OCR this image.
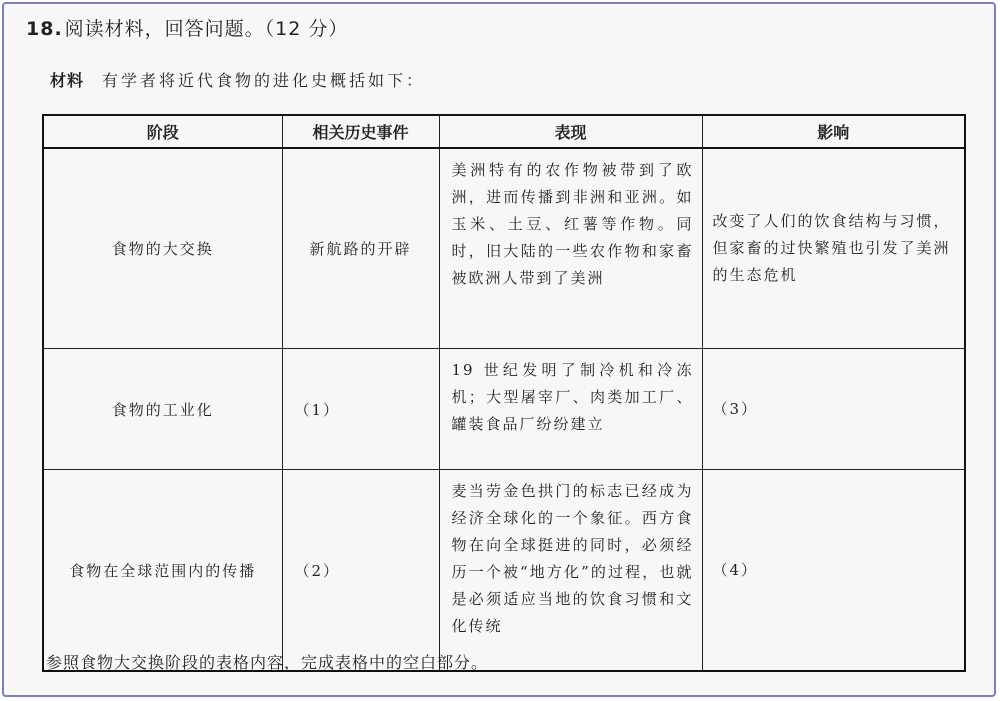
18. 阅读材料，回答问题。（12 分）
材料 有学者将近代食物的进化史概括如下：
阶段	相关历史事件	表现	影响
食物的大交换	新航路的开辟	美洲特有的农作物被带到了欧洲，进而传播到非洲和亚洲。如玉米、土豆、红薯等作物。同时，旧大陆的一些农作物和家畜被欧洲人带到了美洲	改变了人们的饮食结构与习惯，但家畜的过快繁殖也引发了美洲的生态危机
食物的工业化	（1）	19 世纪发明了制冷机和冷冻机；大型屠宰厂、肉类加工厂、罐装食品厂纷纷建立	（3）
食物在全球范围内的传播	（2）	麦当劳金色拱门的标志已经成为经济全球化的一个象征。西方食物在向全球挺进的同时，必须经历一个被“地方化”的过程，也就是必须适应当地的饮食习惯和文化传统	（4）
参照食物大交换阶段的表格内容，完成表格中的空白部分。
